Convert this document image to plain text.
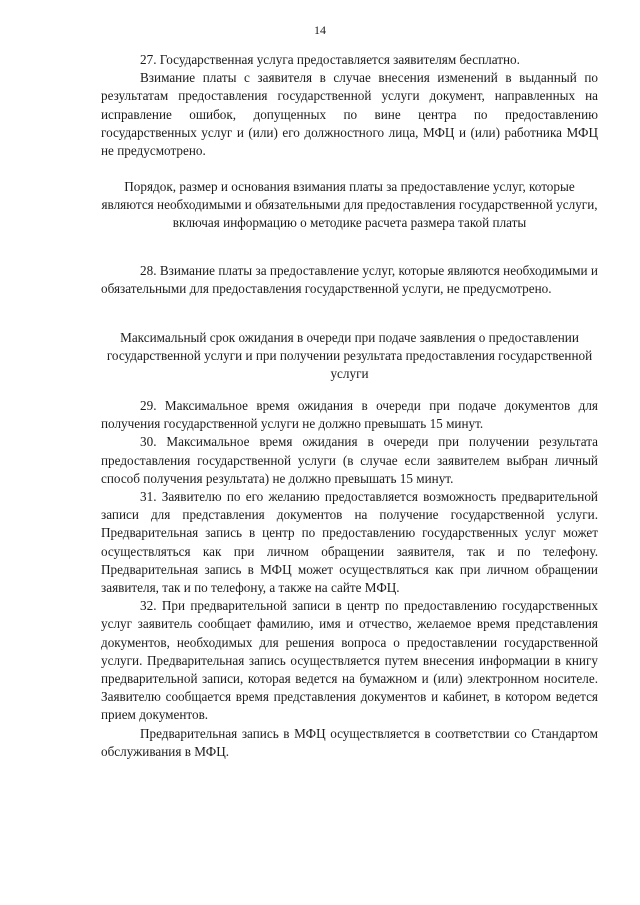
14

27. Государственная услуга предоставляется заявителям бесплатно.

Взимание платы с заявителя в случае внесения изменений в выданный по результатам предоставления государственной услуги документ, направленных на исправление ошибок, допущенных по вине центра по предоставлению государственных услуг и (или) его должностного лица, МФЦ и (или) работника МФЦ не предусмотрено.

Порядок, размер и основания взимания платы за предоставление услуг, которые являются необходимыми и обязательными для предоставления государственной услуги, включая информацию о методике расчета размера такой платы

28. Взимание платы за предоставление услуг, которые являются необходимыми и обязательными для предоставления государственной услуги, не предусмотрено.

Максимальный срок ожидания в очереди при подаче заявления о предоставлении государственной услуги и при получении результата предоставления государственной услуги

29. Максимальное время ожидания в очереди при подаче документов для получения государственной услуги не должно превышать 15 минут.

30. Максимальное время ожидания в очереди при получении результата предоставления государственной услуги (в случае если заявителем выбран личный способ получения результата) не должно превышать 15 минут.

31. Заявителю по его желанию предоставляется возможность предварительной записи для представления документов на получение государственной услуги. Предварительная запись в центр по предоставлению государственных услуг может осуществляться как при личном обращении заявителя, так и по телефону. Предварительная запись в МФЦ может осуществляться как при личном обращении заявителя, так и по телефону, а также на сайте МФЦ.

32. При предварительной записи в центр по предоставлению государственных услуг заявитель сообщает фамилию, имя и отчество, желаемое время представления документов, необходимых для решения вопроса о предоставлении государственной услуги. Предварительная запись осуществляется путем внесения информации в книгу предварительной записи, которая ведется на бумажном и (или) электронном носителе. Заявителю сообщается время представления документов и кабинет, в котором ведется прием документов.

Предварительная запись в МФЦ осуществляется в соответствии со Стандартом обслуживания в МФЦ.
